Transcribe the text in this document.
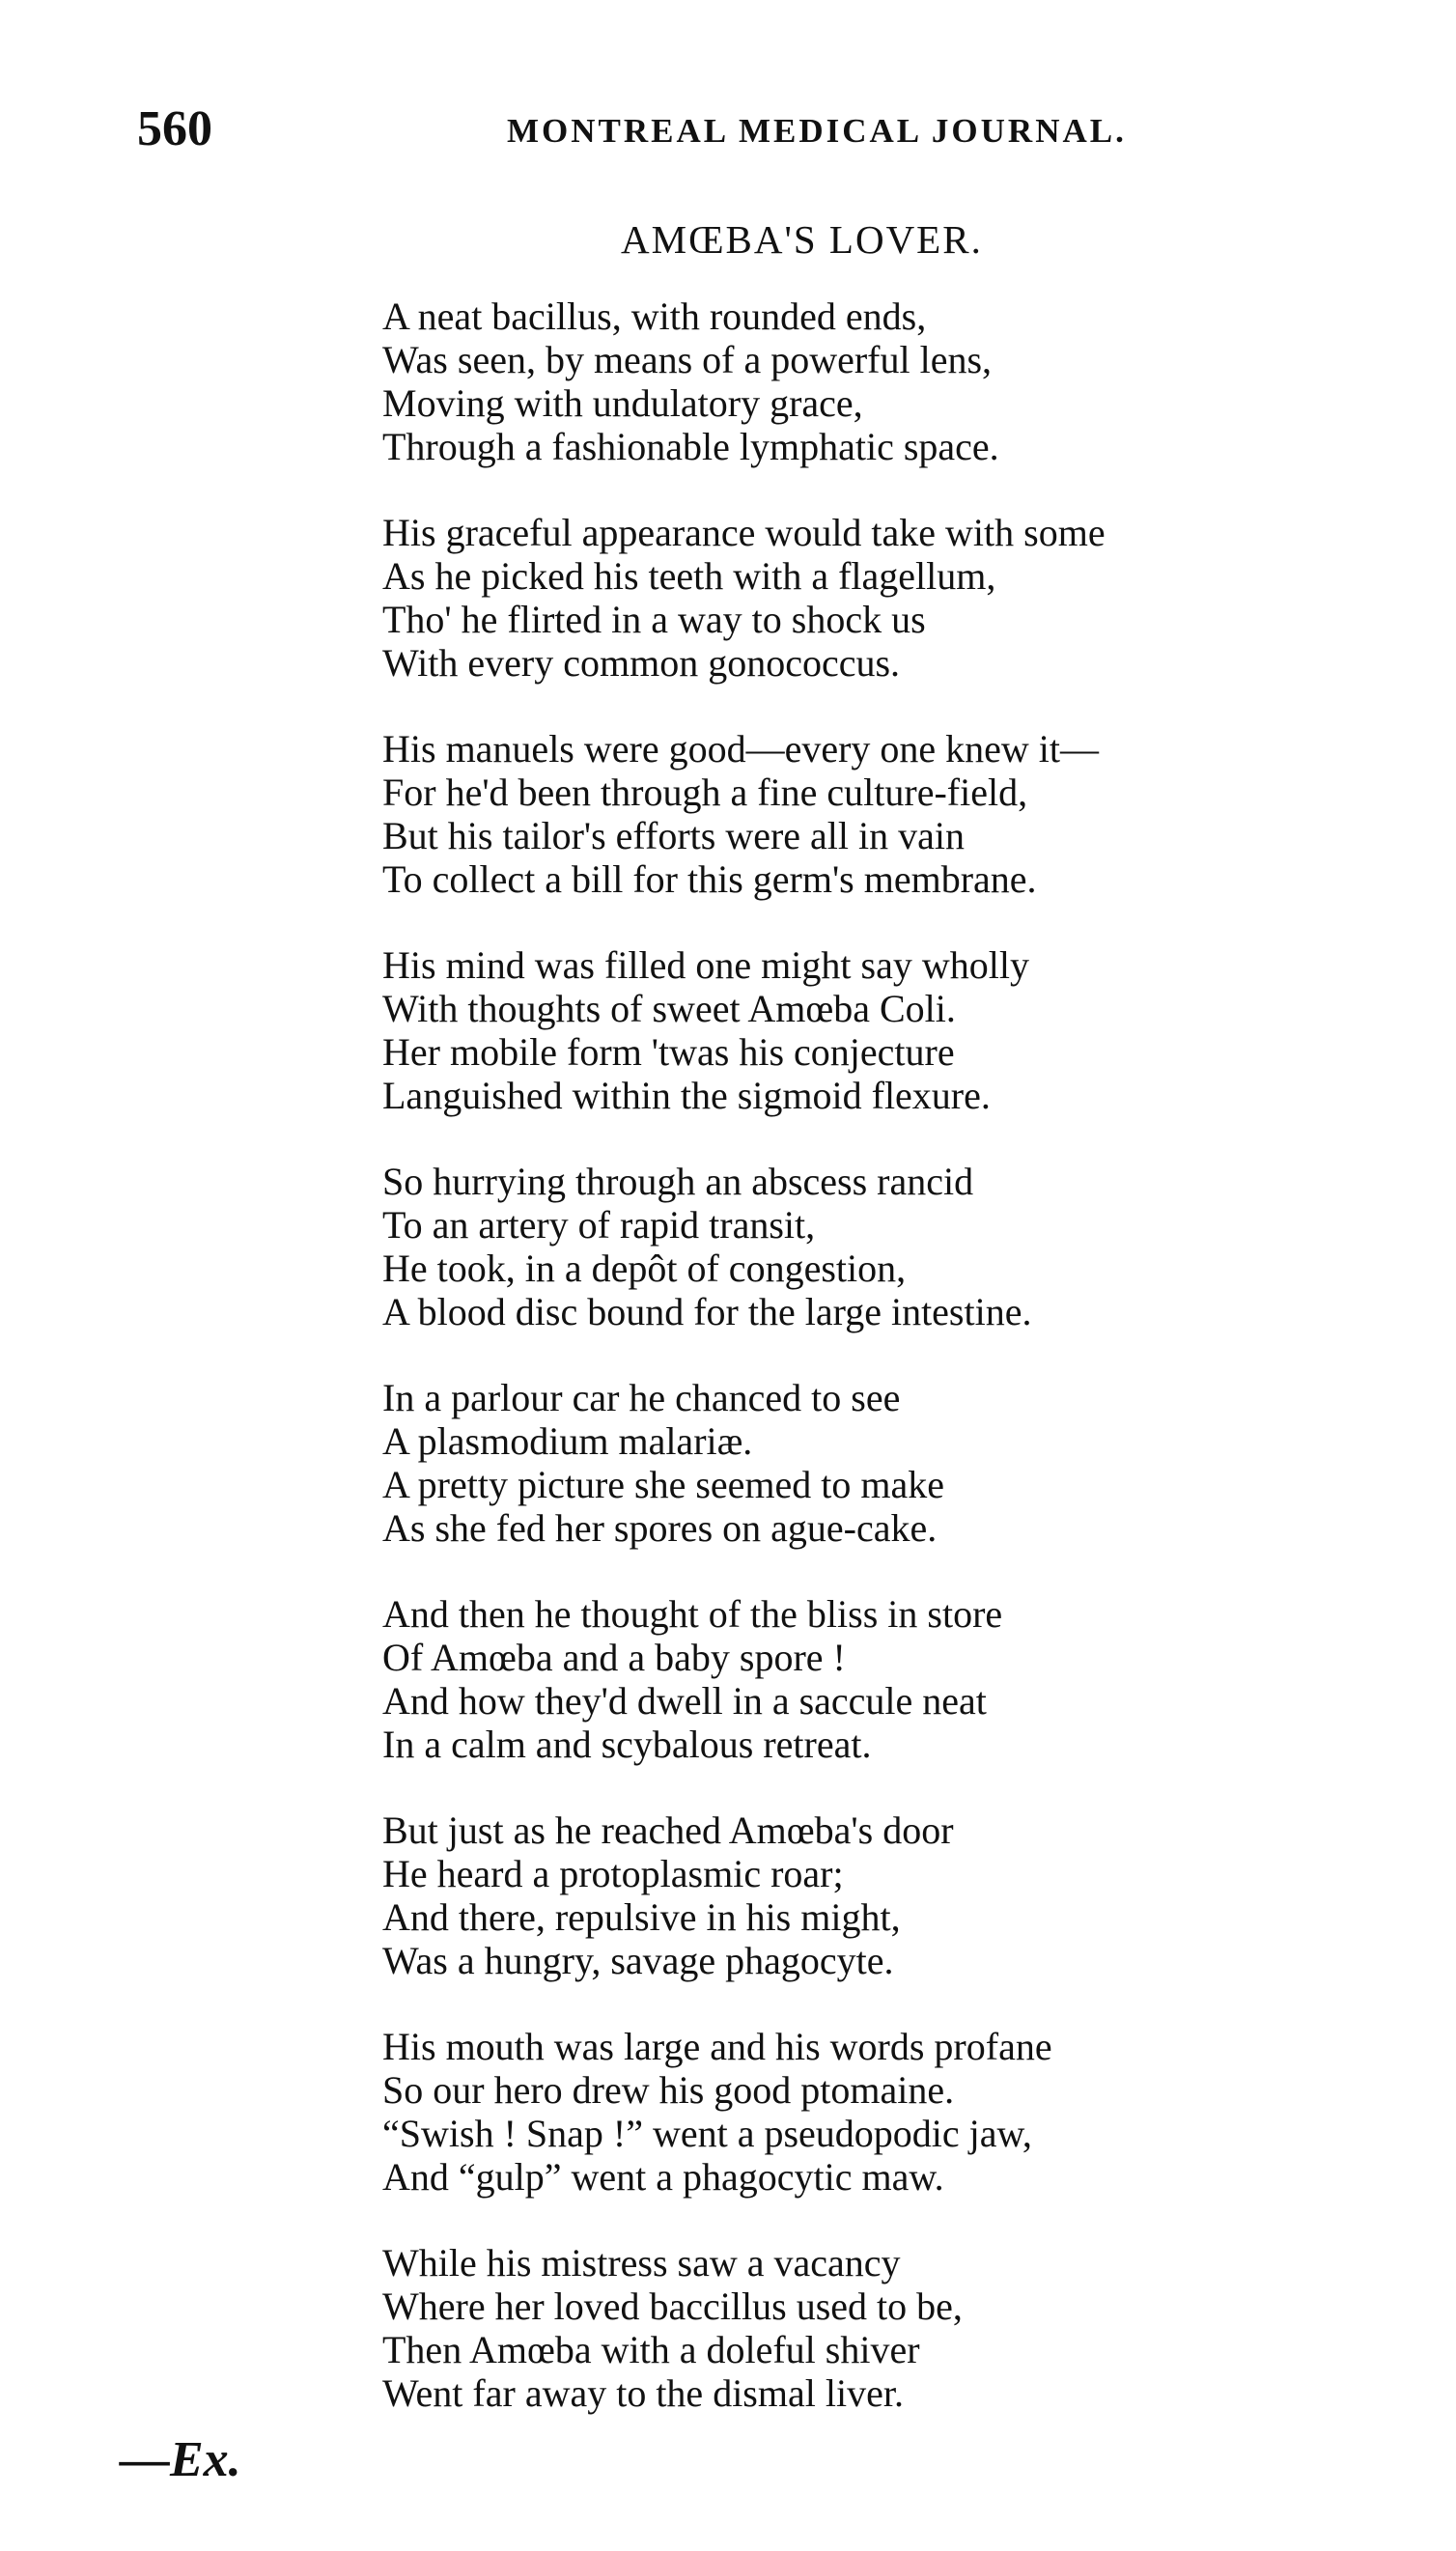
560	MONTREAL MEDICAL JOURNAL.
AMŒBA'S LOVER.
A neat bacillus, with rounded ends,
Was seen, by means of a powerful lens,
Moving with undulatory grace,
Through a fashionable lymphatic space.
His graceful appearance would take with some
As he picked his teeth with a flagellum,
Tho' he flirted in a way to shock us
With every common gonococcus.
His manuels were good—every one knew it—
For he'd been through a fine culture-field,
But his tailor's efforts were all in vain
To collect a bill for this germ's membrane.
His mind was filled one might say wholly
With thoughts of sweet Amœba Coli.
Her mobile form 'twas his conjecture
Languished within the sigmoid flexure.
So hurrying through an abscess rancid
To an artery of rapid transit,
He took, in a depôt of congestion,
A blood disc bound for the large intestine.
In a parlour car he chanced to see
A plasmodium malariæ.
A pretty picture she seemed to make
As she fed her spores on ague-cake.
And then he thought of the bliss in store
Of Amœba and a baby spore !
And how they'd dwell in a saccule neat
In a calm and scybalous retreat.
But just as he reached Amœba's door
He heard a protoplasmic roar;
And there, repulsive in his might,
Was a hungry, savage phagocyte.
His mouth was large and his words profane
So our hero drew his good ptomaine.
“Swish ! Snap !” went a pseudopodic jaw,
And “gulp” went a phagocytic maw.
While his mistress saw a vacancy
Where her loved baccillus used to be,
Then Amœba with a doleful shiver
Went far away to the dismal liver.
—Ex.
